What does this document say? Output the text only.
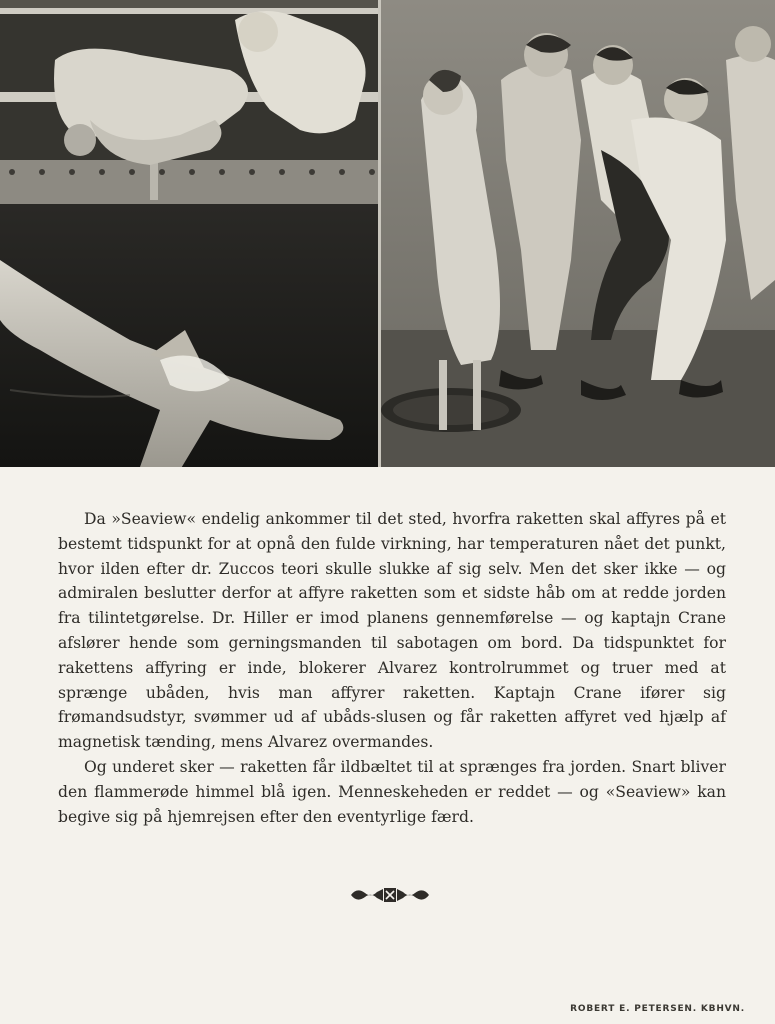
Da »Seaview« endelig ankommer til det sted, hvorfra raketten skal affyres på et bestemt tidspunkt for at opnå den fulde virkning, har temperaturen nået det punkt, hvor ilden efter dr. Zuccos teori skulle slukke af sig selv. Men det sker ikke — og admiralen beslutter derfor at affyre raketten som et sidste håb om at redde jorden fra tilintetgørelse. Dr. Hiller er imod planens gennemførelse — og kaptajn Crane afslører hende som gerningsmanden til sabotagen om bord. Da tidspunktet for rakettens affyring er inde, blokerer Alvarez kontrolrummet og truer med at sprænge ubåden, hvis man affyrer raketten. Kaptajn Crane ifører sig frømandsudstyr, svømmer ud af ubåds-slusen og får raketten affyret ved hjælp af magnetisk tænding, mens Alvarez overmandes.

Og underet sker — raketten får ildbæltet til at sprænges fra jorden. Snart bliver den flammerøde himmel blå igen. Menneskeheden er reddet — og «Seaview» kan begive sig på hjemrejsen efter den eventyrlige færd.

ROBERT E. PETERSEN. KBHVN.
